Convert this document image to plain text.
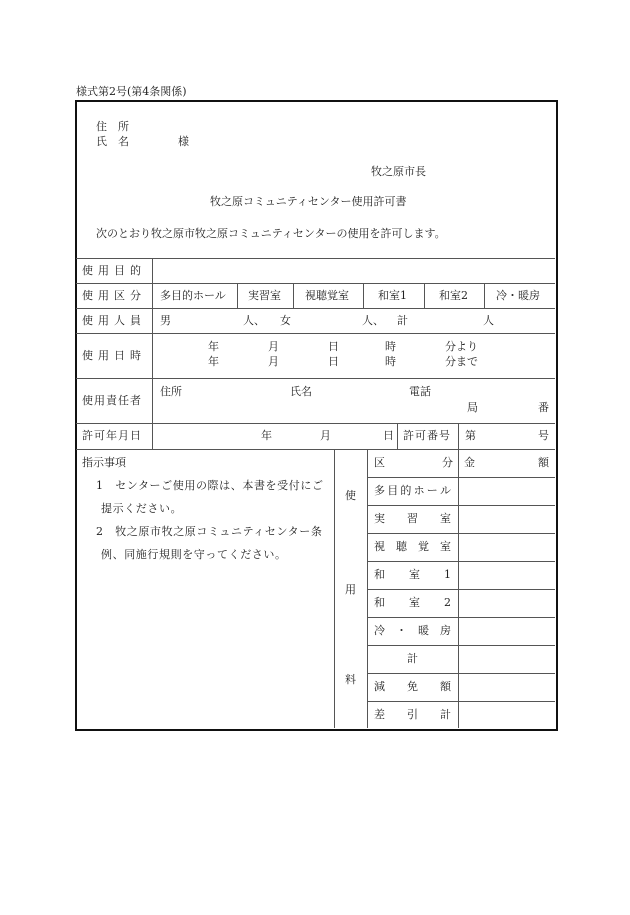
様式第2号(第4条関係)
住　所
氏　名	様
牧之原市長
牧之原コミュニティセンター使用許可書
次のとおり牧之原市牧之原コミュニティセンターの使用を許可します。
使用目的
使用区分 多目的ホール 実習室 視聴覚室	和室1	和室2	冷・暖房
使用人員 男	人、 女	人、 計	人
使用日時
年	月	日	時	分より
年	月	日	時	分まで
使用責任者
住所	氏名	電話
局	番
許可年月日	年	月	日 許可番号 第	号
指示事項
1　センターご使用の際は、本書を受付にご
提示ください。
2　牧之原市牧之原コミュニティセンター条
例、同施行規則を守ってください。
使
用
料
区	分 金	額
多 目 的 ホ ー ル
実 習 室
視 聴 覚 室
和 室 1
和 室 2
冷 ・ 暖 房
計
減 免 額
差 引 計
